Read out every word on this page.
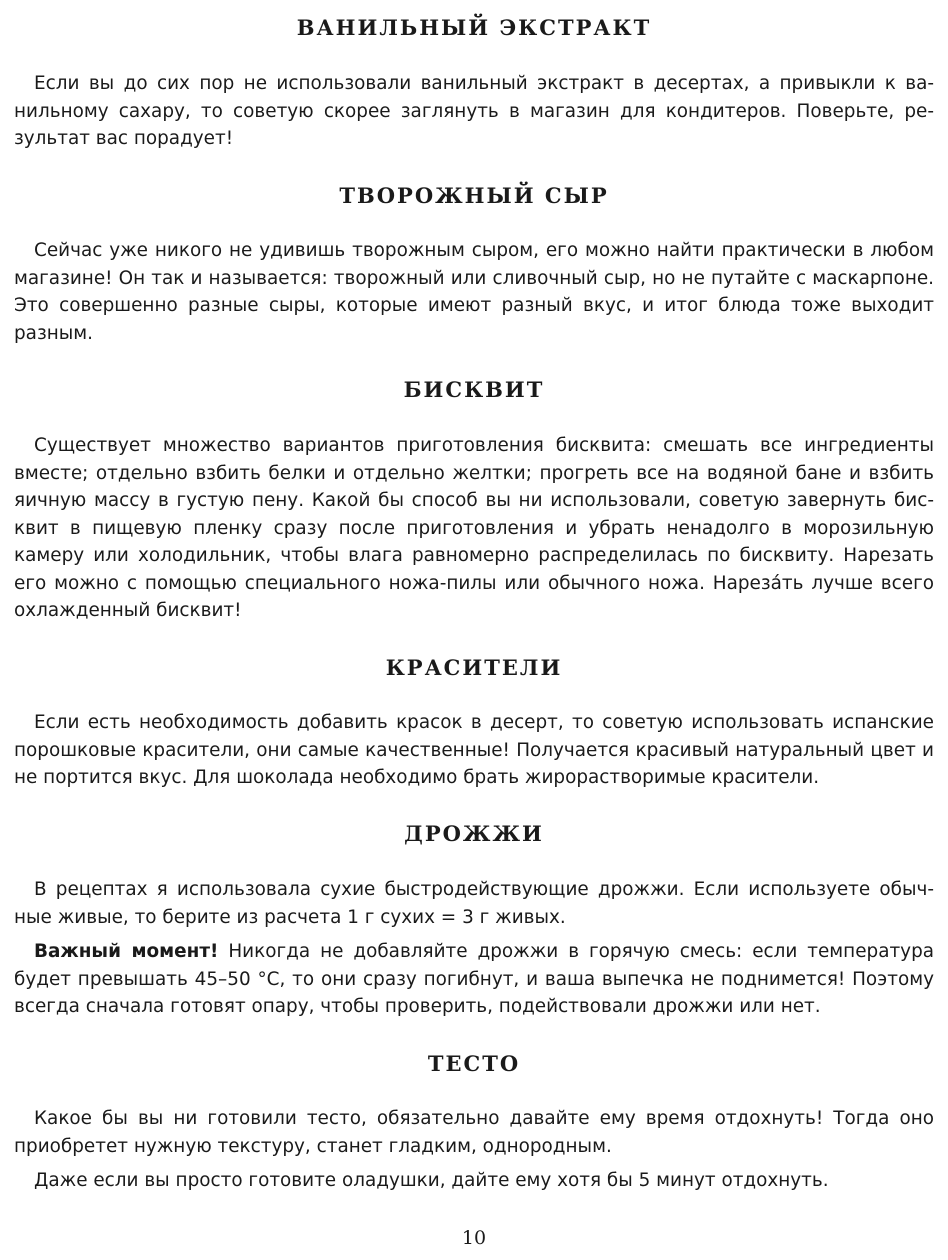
ВАНИЛЬНЫЙ ЭКСТРАКТ

Если вы до сих пор не использовали ванильный экстракт в десертах, а привыкли к ванильному сахару, то советую скорее заглянуть в магазин для кондитеров. Поверьте, результат вас порадует!

ТВОРОЖНЫЙ СЫР

Сейчас уже никого не удивишь творожным сыром, его можно найти практически в любом магазине! Он так и называется: творожный или сливочный сыр, но не путайте с маскарпоне. Это совершенно разные сыры, которые имеют разный вкус, и итог блюда тоже выходит разным.

БИСКВИТ

Существует множество вариантов приготовления бисквита: смешать все ингредиенты вместе; отдельно взбить белки и отдельно желтки; прогреть все на водяной бане и взбить яичную массу в густую пену. Какой бы способ вы ни использовали, советую завернуть бисквит в пищевую пленку сразу после приготовления и убрать ненадолго в морозильную камеру или холодильник, чтобы влага равномерно распределилась по бисквиту. Нарезать его можно с помощью специального ножа-пилы или обычного ножа. Нарезáть лучше всего охлажденный бисквит!

КРАСИТЕЛИ

Если есть необходимость добавить красок в десерт, то советую использовать испанские порошковые красители, они самые качественные! Получается красивый натуральный цвет и не портится вкус. Для шоколада необходимо брать жирорастворимые красители.

ДРОЖЖИ

В рецептах я использовала сухие быстродействующие дрожжи. Если используете обычные живые, то берите из расчета 1 г сухих = 3 г живых.

Важный момент! Никогда не добавляйте дрожжи в горячую смесь: если температура будет превышать 45–50 °С, то они сразу погибнут, и ваша выпечка не поднимется! Поэтому всегда сначала готовят опару, чтобы проверить, подействовали дрожжи или нет.

ТЕСТО

Какое бы вы ни готовили тесто, обязательно давайте ему время отдохнуть! Тогда оно приобретет нужную текстуру, станет гладким, однородным.

Даже если вы просто готовите оладушки, дайте ему хотя бы 5 минут отдохнуть.

10
